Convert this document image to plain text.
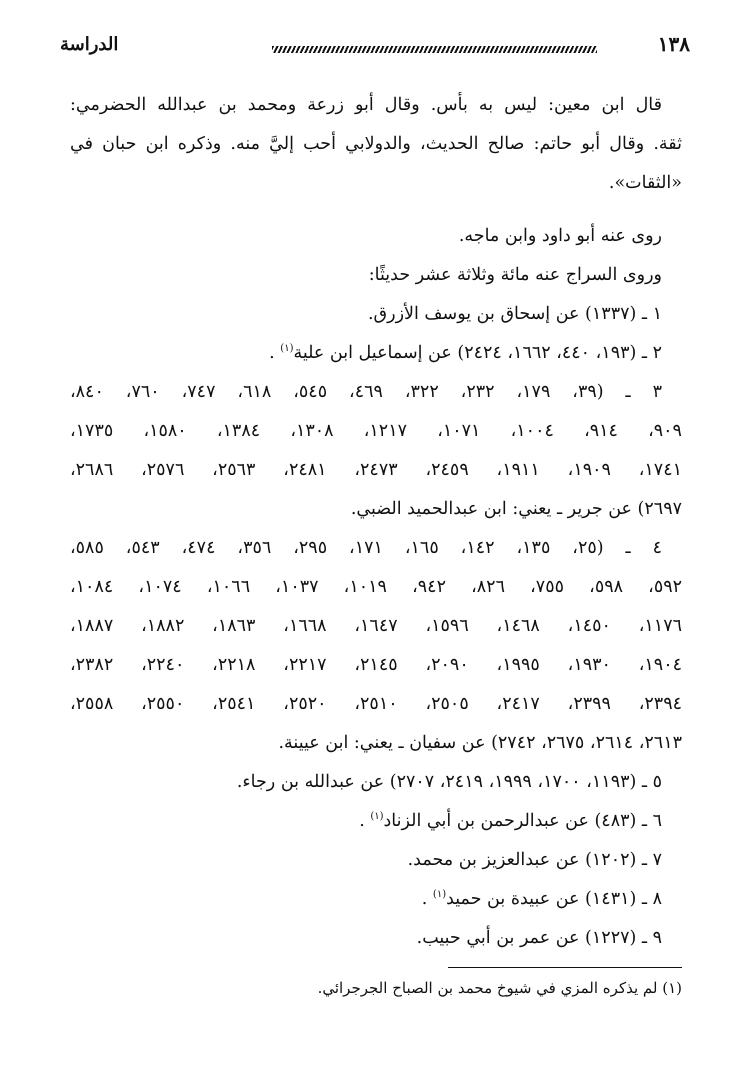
الدراسة	١٣٨
قال ابن معين: ليس به بأس. وقال أبو زرعة ومحمد بن عبدالله الحضرمي:
ثقة. وقال أبو حاتم: صالح الحديث، والدولابي أحب إليَّ منه. وذكره ابن حبان في
«الثقات».
روى عنه أبو داود وابن ماجه.
وروى السراج عنه مائة وثلاثة عشر حديثًا:
١ ـ (١٣٣٧) عن إسحاق بن يوسف الأزرق.
٢ ـ (١٩٣، ٤٤٠، ١٦٦٢، ٢٤٢٤) عن إسماعيل ابن علية$^{(١)}$ .
٣ ـ (٣٩، ١٧٩، ٢٣٢، ٣٢٢، ٤٦٩، ٥٤٥، ٦١٨، ٧٤٧، ٧٦٠، ٨٤٠،
٩٠٩، ٩١٤، ١٠٠٤، ١٠٧١، ١٢١٧، ١٣٠٨، ١٣٨٤، ١٥٨٠، ١٧٣٥،
١٧٤١، ١٩٠٩، ١٩١١، ٢٤٥٩، ٢٤٧٣، ٢٤٨١، ٢٥٦٣، ٢٥٧٦، ٢٦٨٦،
٢٦٩٧) عن جرير ـ يعني: ابن عبدالحميد الضبي.
٤ ـ (٢٥، ١٣٥، ١٤٢، ١٦٥، ١٧١، ٢٩٥، ٣٥٦، ٤٧٤، ٥٤٣، ٥٨٥،
٥٩٢، ٥٩٨، ٧٥٥، ٨٢٦، ٩٤٢، ١٠١٩، ١٠٣٧، ١٠٦٦، ١٠٧٤، ١٠٨٤،
١١٧٦، ١٤٥٠، ١٤٦٨، ١٥٩٦، ١٦٤٧، ١٦٦٨، ١٨٦٣، ١٨٨٢، ١٨٨٧،
١٩٠٤، ١٩٣٠، ١٩٩٥، ٢٠٩٠، ٢١٤٥، ٢٢١٧، ٢٢١٨، ٢٢٤٠، ٢٣٨٢،
٢٣٩٤، ٢٣٩٩، ٢٤١٧، ٢٥٠٥، ٢٥١٠، ٢٥٢٠، ٢٥٤١، ٢٥٥٠، ٢٥٥٨،
٢٦١٣، ٢٦١٤، ٢٦٧٥، ٢٧٤٢) عن سفيان ـ يعني: ابن عيينة.
٥ ـ (١١٩٣، ١٧٠٠، ١٩٩٩، ٢٤١٩، ٢٧٠٧) عن عبدالله بن رجاء.
٦ ـ (٤٨٣) عن عبدالرحمن بن أبي الزناد$^{(١)}$ .
٧ ـ (١٢٠٢) عن عبدالعزيز بن محمد.
٨ ـ (١٤٣١) عن عبيدة بن حميد$^{(١)}$ .
٩ ـ (١٢٢٧) عن عمر بن أبي حبيب.
(١) لم يذكره المزي في شيوخ محمد بن الصباح الجرجرائي.
